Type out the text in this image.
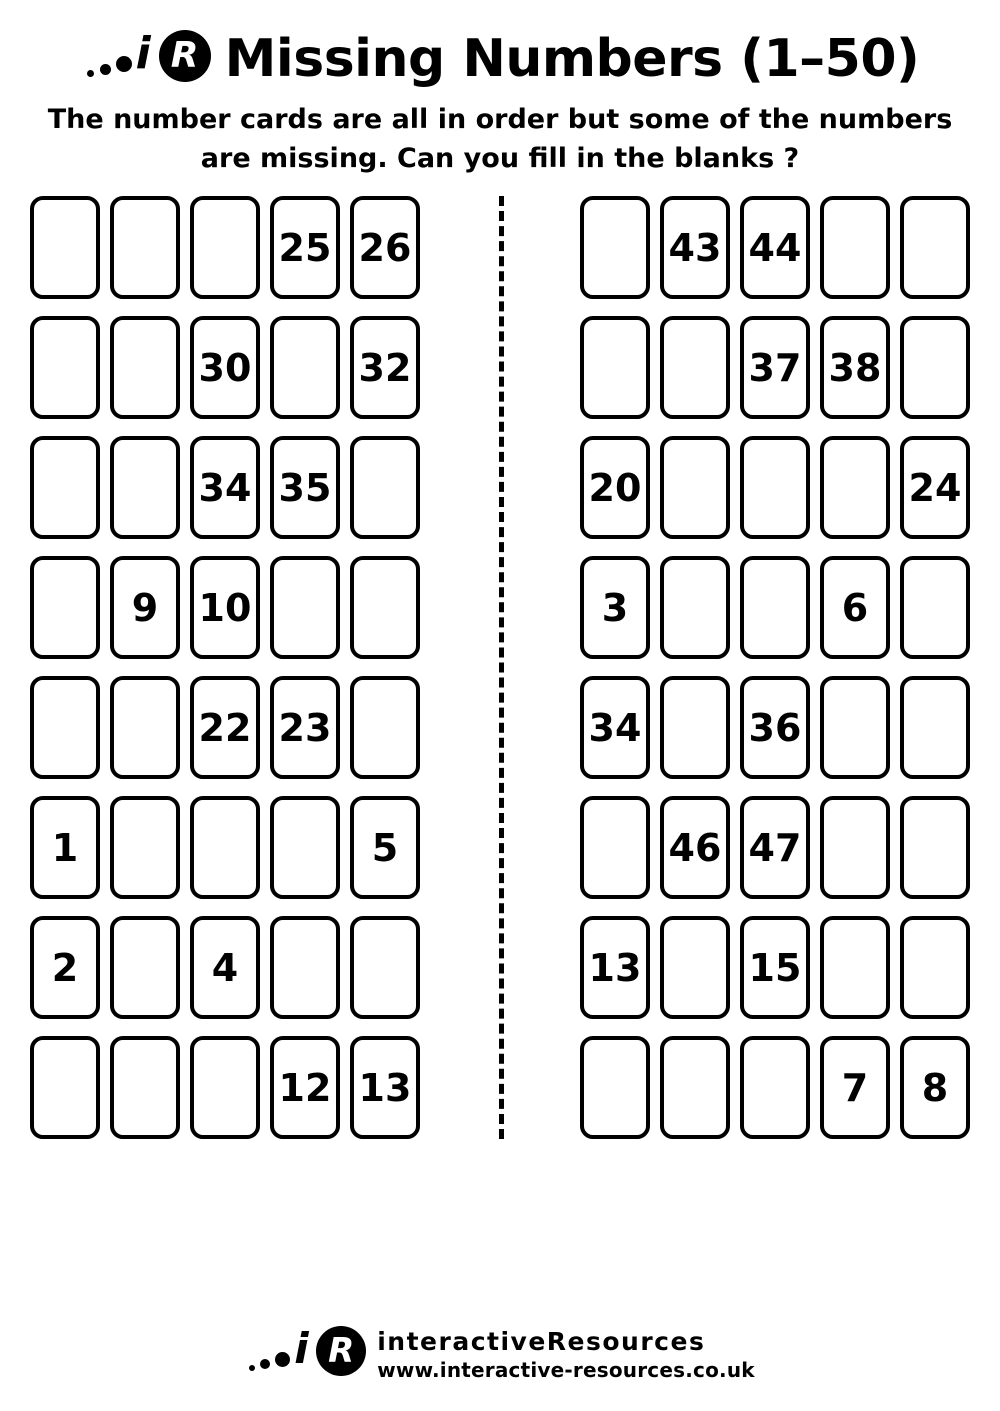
i R Missing Numbers (1–50)
The number cards are all in order but some of the numbers
are missing. Can you fill in the blanks ?
25 26	43 44
30	32	37 38
34 35	20	24
9	10	3	6
22 23	34	36
1	5	46 47
2	4	13	15
12 13	7	8
i R interactiveResources
www.interactive-resources.co.uk
